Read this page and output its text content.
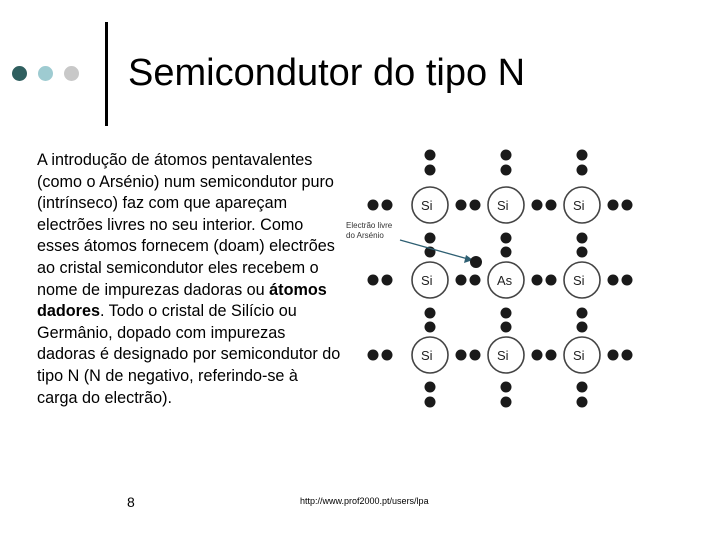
Semicondutor do tipo N
A introdução de átomos pentavalentes (como o Arsénio) num semicondutor puro (intrínseco) faz com que apareçam electrões livres no seu interior. Como esses átomos fornecem (doam) electrões ao cristal semicondutor eles recebem o nome de impurezas dadoras ou átomos dadores. Todo o cristal de Silício ou Germânio, dopado com impurezas dadoras é designado por semicondutor do tipo N (N de negativo, referindo-se à carga do electrão).
Si	Si	Si
Si	As	Si
Si	Si	Si
Electrão livre
do Arsénio
8	http://www.prof2000.pt/users/lpa
